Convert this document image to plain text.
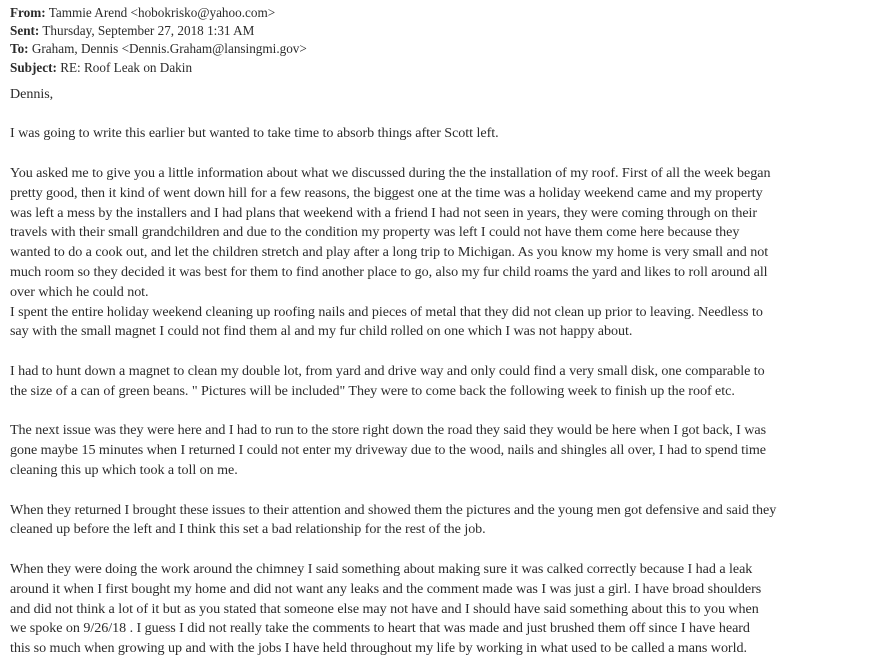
From: Tammie Arend <hobokrisko@yahoo.com>
Sent: Thursday, September 27, 2018 1:31 AM
To: Graham, Dennis <Dennis.Graham@lansingmi.gov>
Subject: RE: Roof Leak on Dakin
Dennis,
I was going to write this earlier but wanted to take time to absorb things after Scott left.
You asked me to give you a little information about what we discussed during the the installation of my roof. First of all the week began
pretty good, then it kind of went down hill for a few reasons, the biggest one at the time was a holiday weekend came and my property
was left a mess by the installers and I had plans that weekend with a friend I had not seen in years, they were coming through on their
travels with their small grandchildren and due to the condition my property was left I could not have them come here because they
wanted to do a cook out, and let the children stretch and play after a long trip to Michigan. As you know my home is very small and not
much room so they decided it was best for them to find another place to go, also my fur child roams the yard and likes to roll around all
over which he could not.
I spent the entire holiday weekend cleaning up roofing nails and pieces of metal that they did not clean up prior to leaving. Needless to
say with the small magnet I could not find them al and my fur child rolled on one which I was not happy about.
I had to hunt down a magnet to clean my double lot, from yard and drive way and only could find a very small disk, one comparable to
the size of a can of green beans. " Pictures will be included" They were to come back the following week to finish up the roof etc.
The next issue was they were here and I had to run to the store right down the road they said they would be here when I got back, I was
gone maybe 15 minutes when I returned I could not enter my driveway due to the wood, nails and shingles all over, I had to spend time
cleaning this up which took a toll on me.
When they returned I brought these issues to their attention and showed them the pictures and the young men got defensive and said they
cleaned up before the left and I think this set a bad relationship for the rest of the job.
When they were doing the work around the chimney I said something about making sure it was calked correctly because I had a leak
around it when I first bought my home and did not want any leaks and the comment made was I was just a girl. I have broad shoulders
and did not think a lot of it but as you stated that someone else may not have and I should have said something about this to you when
we spoke on 9/26/18 . I guess I did not really take the comments to heart that was made and just brushed them off since I have heard
this so much when growing up and with the jobs I have held throughout my life by working in what used to be called a mans world.
